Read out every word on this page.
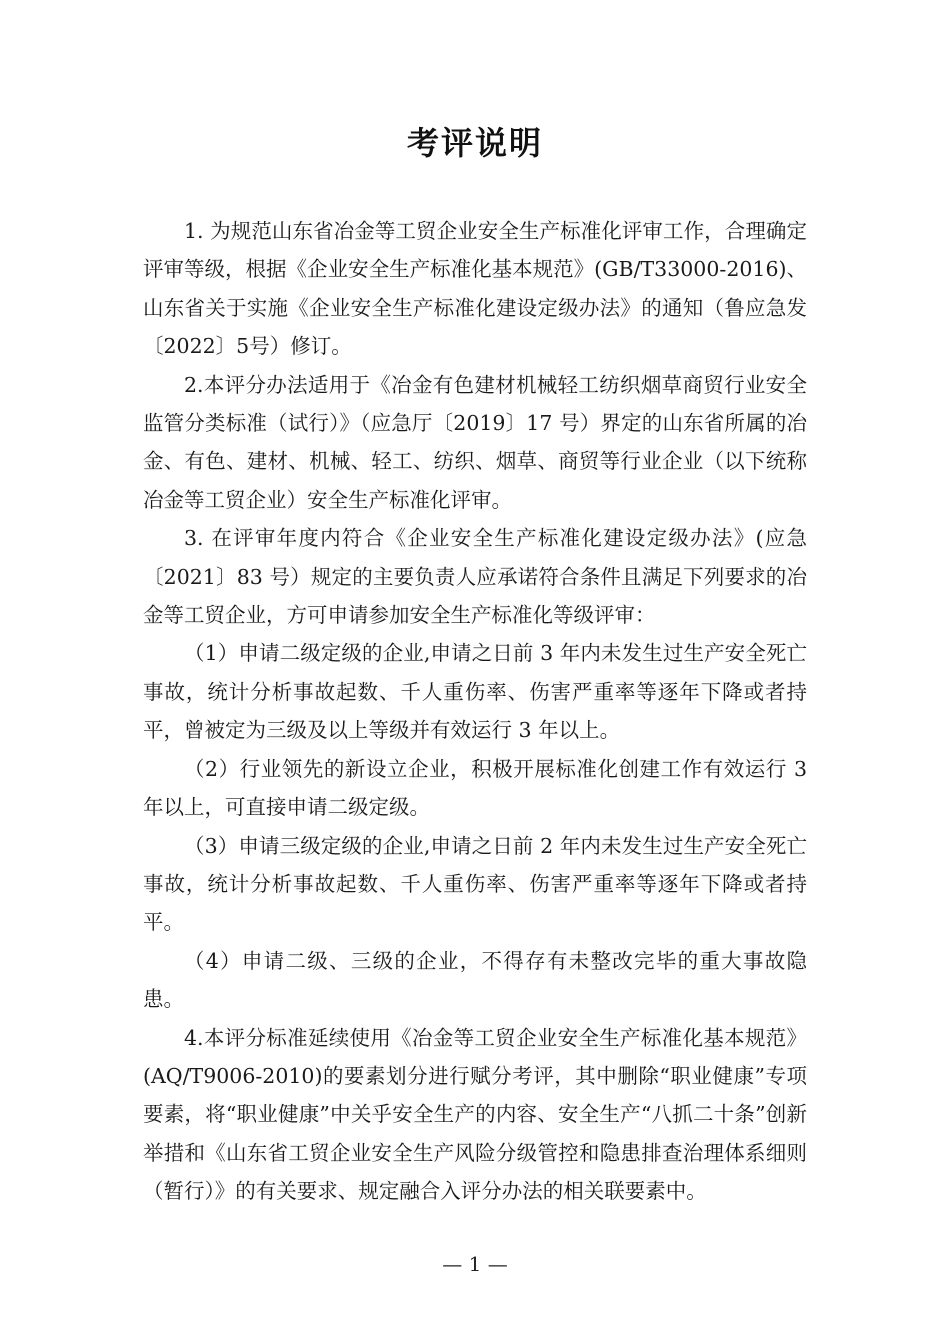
考评说明

1. 为规范山东省冶金等工贸企业安全生产标准化评审工作，合理确定评审等级，根据《企业安全生产标准化基本规范》(GB/T33000-2016)、山东省关于实施《企业安全生产标准化建设定级办法》的通知（鲁应急发〔2022〕5号）修订。

2.本评分办法适用于《冶金有色建材机械轻工纺织烟草商贸行业安全监管分类标准（试行）》（应急厅〔2019〕17 号）界定的山东省所属的冶金、有色、建材、机械、轻工、纺织、烟草、商贸等行业企业（以下统称冶金等工贸企业）安全生产标准化评审。

3. 在评审年度内符合《企业安全生产标准化建设定级办法》(应急〔2021〕83 号）规定的主要负责人应承诺符合条件且满足下列要求的冶金等工贸企业，方可申请参加安全生产标准化等级评审：

（1）申请二级定级的企业,申请之日前 3 年内未发生过生产安全死亡事故，统计分析事故起数、千人重伤率、伤害严重率等逐年下降或者持平，曾被定为三级及以上等级并有效运行 3 年以上。

（2）行业领先的新设立企业，积极开展标准化创建工作有效运行 3 年以上，可直接申请二级定级。

（3）申请三级定级的企业,申请之日前 2 年内未发生过生产安全死亡事故，统计分析事故起数、千人重伤率、伤害严重率等逐年下降或者持平。

（4）申请二级、三级的企业，不得存有未整改完毕的重大事故隐患。

4.本评分标准延续使用《冶金等工贸企业安全生产标准化基本规范》(AQ/T9006-2010)的要素划分进行赋分考评，其中删除“职业健康”专项要素，将“职业健康”中关乎安全生产的内容、安全生产“八抓二十条”创新举措和《山东省工贸企业安全生产风险分级管控和隐患排查治理体系细则（暂行）》的有关要求、规定融合入评分办法的相关联要素中。

— 1 —
